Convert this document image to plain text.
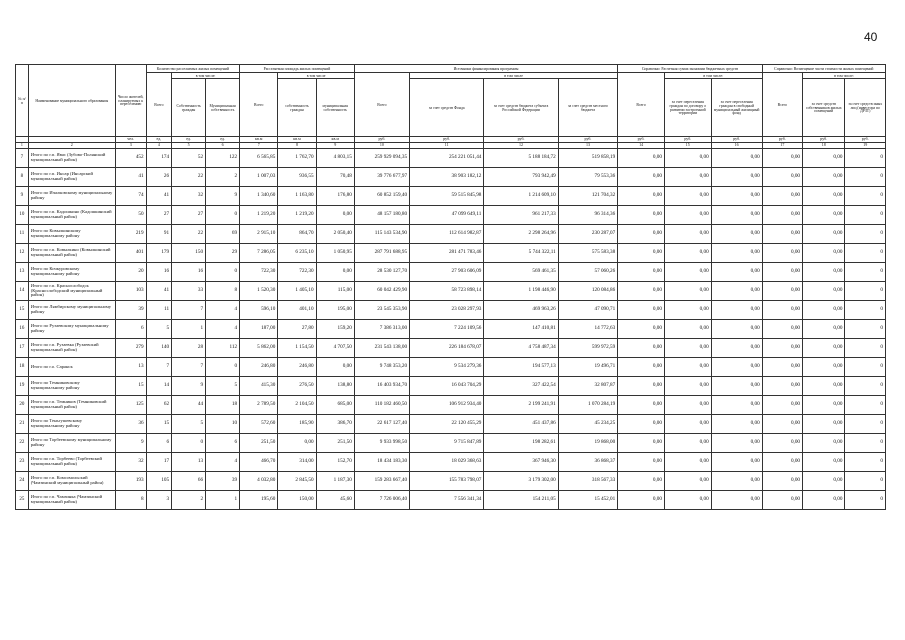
40
№ п/п	Наименование муниципального образования	Число жителей, планируемых к переселению	Количество расселяемых жилых помещений			Расселяемая площадь жилых помещений			Источники финансирования программы				Справочно: Расчетная сумма экономии бюджетных средств			Справочно: Возмещение части стоимости жилых помещений		
			Всего	в том числе:		Всего	в том числе		Всего	в том числе			Всего	в том числе:		Всего	в том числе:	
				Собственность граждан	Муниципальная собственность		собственность граждан	муниципальная собственность		за счет средств Фонда	за счет средств бюджета субъекта Российской Федерации	за счет средств местного бюджета		за счет переселения граждан по договору о развитии застроенной территории	за счет переселения граждан в свободный муниципальный жилищный фонд		за счет средств собственников жилых помещений	за счет средств иных лиц (инвестора по ДРЗТ)
		чел.	ед.	ед.	ед.	кв.м	кв.м	кв.м	руб.	руб.	руб.	руб.	руб.	руб.	руб.	руб.	руб.	руб.
1	2	3	4	5	6	7	8	9	10	11	12	13	14	15	16	17	18	19
7	Итого по г.п. Явас (Зубово-Полянский муниципальный район)	452	174	52	122	6 565,85	1 762,70	4 803,15	259 929 094,35	254 221 051,44	5 188 184,72	519 858,19	0,00	0,00	0,00	0,00	0,00	0
8	Итого по г.п. Инсар (Инсарский муниципальный район)	41	26	22	2	1 007,03	936,55	70,48	39 776 677,97	38 903 182,12	793 942,49	79 553,36	0,00	0,00	0,00	0,00	0,00	0
9	Итого по Ичалковскому муниципальному району	74	41	32	9	1 340,60	1 163,80	176,80	60 852 159,40	59 515 845,98	1 214 609,10	121 704,32	0,00	0,00	0,00	0,00	0,00	0
10	Итого по г.п. Кадошкино (Кадошкинский муниципальный район)	50	27	27	0	1 219,20	1 219,20	0,00	48 157 180,80	47 099 649,11	961 217,33	96 314,36	0,00	0,00	0,00	0,00	0,00	0
11	Итого по Ковылкинскому муниципальному району	219	91	22	69	2 915,10	864,70	2 050,40	115 143 534,90	112 614 982,87	2 298 264,96	230 287,07	0,00	0,00	0,00	0,00	0,00	0
12	Итого по г.п. Ковылкино (Ковылкинский муниципальный район)	401	179	150	29	7 286,05	6 235,10	1 050,95	287 791 688,95	281 471 783,46	5 744 322,11	575 583,38	0,00	0,00	0,00	0,00	0,00	0
13	Итого по Кочкуровскому муниципальному району	20	16	16	0	722,30	722,30	0,00	28 530 127,70	27 903 606,09	569 461,35	57 060,26	0,00	0,00	0,00	0,00	0,00	0
14	Итого по г.п. Краснослободск (Краснослободский муниципальный район)	103	41	33	8	1 520,30	1 405,10	115,00	60 042 429,90	58 723 898,14	1 198 446,90	120 084,86	0,00	0,00	0,00	0,00	0,00	0
15	Итого по Лямбирскому муниципальному району	39	11	7	4	596,10	401,10	195,00	23 545 353,90	23 028 297,93	469 963,26	47 090,71	0,00	0,00	0,00	0,00	0,00	0
16	Итого по Рузаевскому муниципальному району	6	5	1	4	187,00	27,80	159,20	7 386 313,00	7 224 109,56	147 410,81	14 772,63	0,00	0,00	0,00	0,00	0,00	0
17	Итого по г.п. Рузаевка (Рузаевский муниципальный район)	279	140	28	112	5 862,00	1 154,50	4 707,50	231 543 138,00	226 184 678,07	4 758 487,34	599 972,59	0,00	0,00	0,00	0,00	0,00	0
18	Итого по г.о. Саранск	13	7	7	0	246,80	246,80	0,00	9 748 353,20	9 534 279,36	194 577,13	19 496,71	0,00	0,00	0,00	0,00	0,00	0
19	Итого по Темниковскому муниципальному району	15	14	9	5	415,30	276,50	138,80	16 403 934,70	16 043 704,29	327 422,54	32 807,87	0,00	0,00	0,00	0,00	0,00	0
20	Итого по г.п. Темников (Темниковский муниципальный район)	125	62	44	18	2 789,50	2 104,50	685,00	110 182 460,50	106 912 934,40	2 199 241,91	1 070 284,19	0,00	0,00	0,00	0,00	0,00	0
21	Итого по Теньгушевскому муниципальному району	36	15	5	10	572,60	185,90	386,70	22 617 127,40	22 120 455,29	451 437,86	45 234,25	0,00	0,00	0,00	0,00	0,00	0
22	Итого по Торбеевскому муниципальному району	9	6	0	6	251,50	0,00	251,50	9 933 998,50	9 715 847,89	198 282,61	19 868,00	0,00	0,00	0,00	0,00	0,00	0
23	Итого по г.п. Торбеево (Торбеевский муниципальный район)	32	17	13	4	466,70	314,00	152,70	18 434 183,30	18 029 368,63	367 946,30	36 868,37	0,00	0,00	0,00	0,00	0,00	0
24	Итого по г.п. Комсомольский (Чамзинский муниципальный район)	193	105	66	39	4 032,80	2 845,50	1 187,30	159 283 667,40	155 783 798,07	3 179 302,00	318 567,33	0,00	0,00	0,00	0,00	0,00	0
25	Итого по г.п. Чамзинка (Чамзинский муниципальный район)	8	3	2	1	195,60	150,00	45,60	7 726 006,40	7 556 341,34	154 211,05	15 452,01	0,00	0,00	0,00	0,00	0,00	0
